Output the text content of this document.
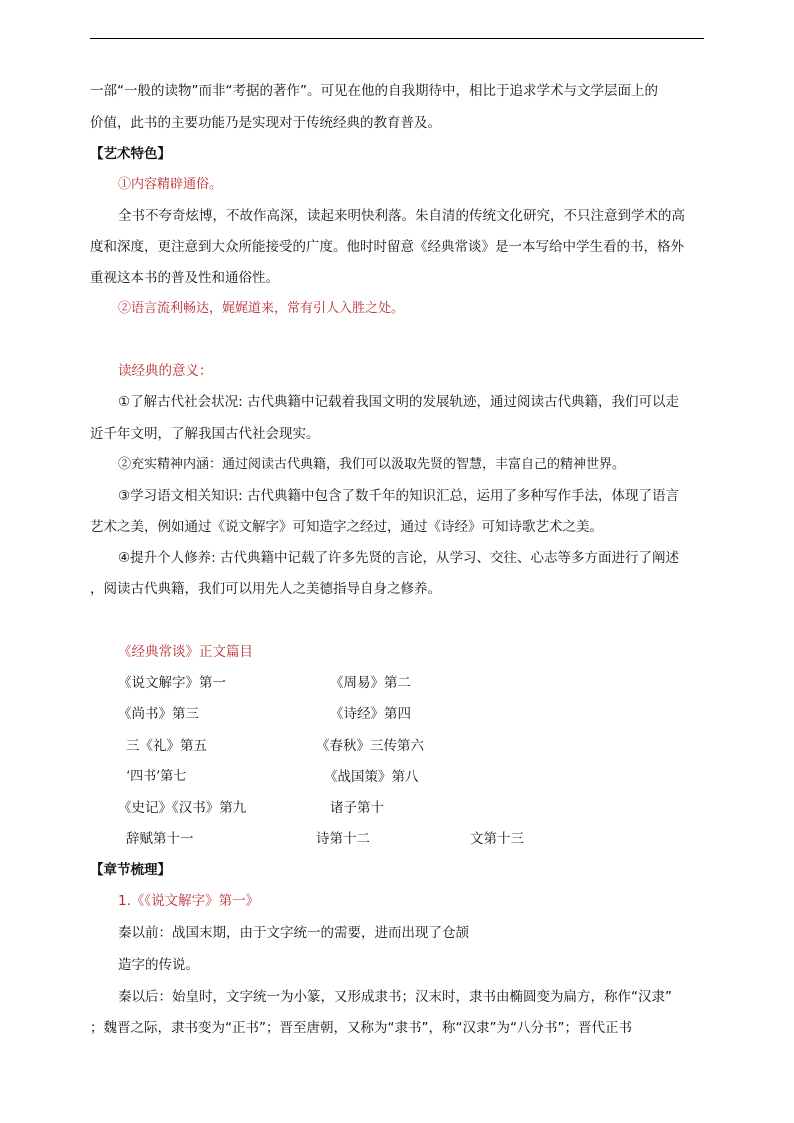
一部“一般的读物”而非“考据的著作”。可见在他的自我期待中，相比于追求学术与文学层面上的
价值，此书的主要功能乃是实现对于传统经典的教育普及。
【艺术特色】
①内容精辟通俗。
全书不夸奇炫博，不故作高深，读起来明快利落。朱自清的传统文化研究，不只注意到学术的高
度和深度，更注意到大众所能接受的广度。他时时留意《经典常谈》是一本写给中学生看的书，格外
重视这本书的普及性和通俗性。
②语言流利畅达，娓娓道来，常有引人入胜之处。
读经典的意义：
①了解古代社会状况: 古代典籍中记载着我国文明的发展轨迹，通过阅读古代典籍，我们可以走
近千年文明，了解我国古代社会现实。
②充实精神内涵：通过阅读古代典籍，我们可以汲取先贤的智慧，丰富自己的精神世界。
③学习语文相关知识: 古代典籍中包含了数千年的知识汇总，运用了多种写作手法，体现了语言
艺术之美，例如通过《说文解字》可知造字之经过，通过《诗经》可知诗歌艺术之美。
④提升个人修养: 古代典籍中记载了许多先贤的言论，从学习、交往、心志等多方面进行了阐述
，阅读古代典籍，我们可以用先人之美德指导自身之修养。
《经典常谈》正文篇目
《说文解字》第一	《周易》第二
《尚书》第三	《诗经》第四
三《礼》第五	《春秋》三传第六
‘四书’第七	《战国策》第八
《史记》《汉书》第九	诸子第十
辞赋第十一	诗第十二	文第十三
【章节梳理】
1.《《说文解字》第一》
秦以前：战国末期，由于文字统一的需要，进而出现了仓颉
造字的传说。
秦以后：始皇时，文字统一为小篆，又形成隶书；汉末时，隶书由椭圆变为扁方，称作“汉隶”
；魏晋之际，隶书变为“正书”；晋至唐朝，又称为“隶书”，称“汉隶”为“八分书”；晋代正书
